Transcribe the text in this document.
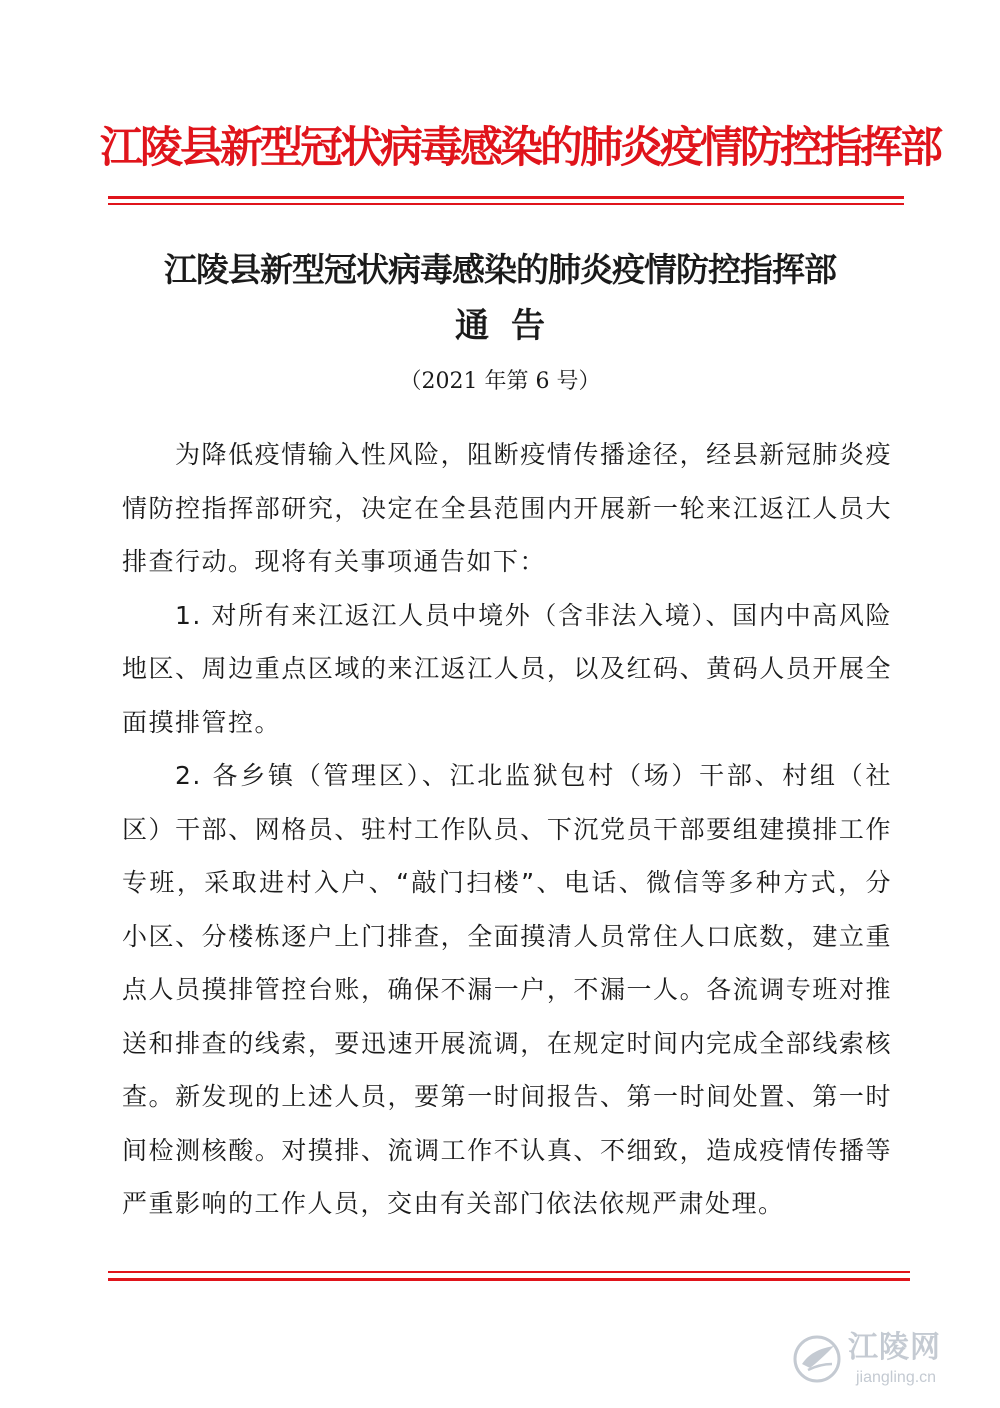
江陵县新型冠状病毒感染的肺炎疫情防控指挥部
江陵县新型冠状病毒感染的肺炎疫情防控指挥部
通告
（2021 年第 6 号）

为降低疫情输入性风险，阻断疫情传播途径，经县新冠肺炎疫情防控指挥部研究，决定在全县范围内开展新一轮来江返江人员大排查行动。现将有关事项通告如下：

1. 对所有来江返江人员中境外（含非法入境）、国内中高风险地区、周边重点区域的来江返江人员，以及红码、黄码人员开展全面摸排管控。

2. 各乡镇（管理区）、江北监狱包村（场）干部、村组（社区）干部、网格员、驻村工作队员、下沉党员干部要组建摸排工作专班，采取进村入户、“敲门扫楼”、电话、微信等多种方式，分小区、分楼栋逐户上门排查，全面摸清人员常住人口底数，建立重点人员摸排管控台账，确保不漏一户，不漏一人。各流调专班对推送和排查的线索，要迅速开展流调，在规定时间内完成全部线索核查。新发现的上述人员，要第一时间报告、第一时间处置、第一时间检测核酸。对摸排、流调工作不认真、不细致，造成疫情传播等严重影响的工作人员，交由有关部门依法依规严肃处理。

江陵网
jiangling.cn
